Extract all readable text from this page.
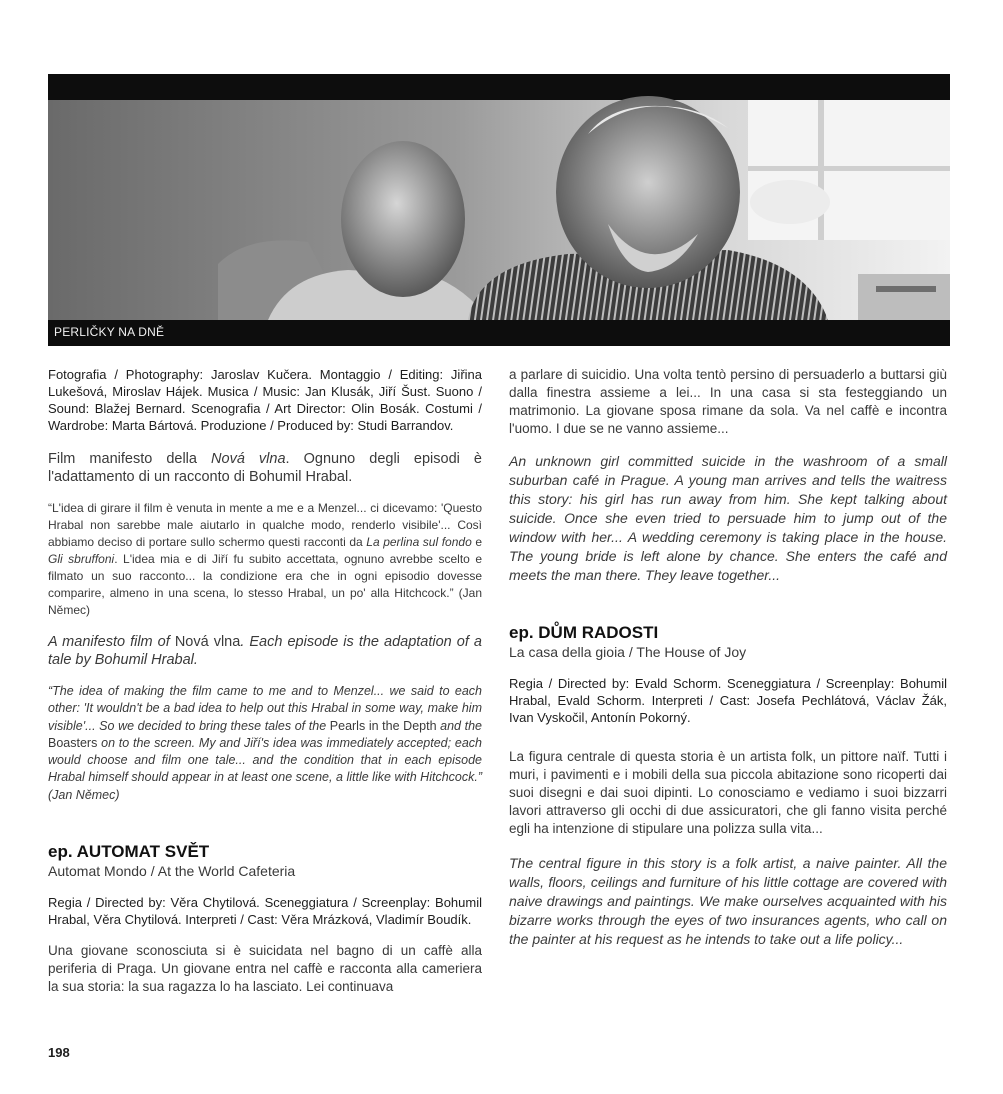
PERLIČKY NA DNĚ

Fotografia / Photography: Jaroslav Kučera. Montaggio / Editing: Jiřina Lukešová, Miroslav Hájek. Musica / Music: Jan Klusák, Jiří Šust. Suono / Sound: Blažej Bernard. Scenografia / Art Director: Olin Bosák. Costumi / Wardrobe: Marta Bártová. Produzione / Produced by: Studi Barrandov.

Film manifesto della Nová vlna. Ognuno degli episodi è l'adattamento di un racconto di Bohumil Hrabal.

“L'idea di girare il film è venuta in mente a me e a Menzel... ci dicevamo: 'Questo Hrabal non sarebbe male aiutarlo in qualche modo, renderlo visibile'... Così abbiamo deciso di portare sullo schermo questi racconti da La perlina sul fondo e Gli sbruffoni. L'idea mia e di Jiří fu subito accettata, ognuno avrebbe scelto e filmato un suo racconto... la condizione era che in ogni episodio dovesse comparire, almeno in una scena, lo stesso Hrabal, un po' alla Hitchcock.” (Jan Němec)

A manifesto film of Nová vlna. Each episode is the adaptation of a tale by Bohumil Hrabal.

“The idea of making the film came to me and to Menzel... we said to each other: 'It wouldn't be a bad idea to help out this Hrabal in some way, make him visible'... So we decided to bring these tales of the Pearls in the Depth and the Boasters on to the screen. My and Jiří's idea was immediately accepted; each would choose and film one tale... and the condition that in each episode Hrabal himself should appear in at least one scene, a little like with Hitchcock.” (Jan Němec)

ep. AUTOMAT SVĚT

Automat Mondo / At the World Cafeteria

Regia / Directed by: Věra Chytilová. Sceneggiatura / Screenplay: Bohumil Hrabal, Věra Chytilová. Interpreti / Cast: Věra Mrázková, Vladimír Boudík.

Una giovane sconosciuta si è suicidata nel bagno di un caffè alla periferia di Praga. Un giovane entra nel caffè e racconta alla cameriera la sua storia: la sua ragazza lo ha lasciato. Lei continuava

a parlare di suicidio. Una volta tentò persino di persuaderlo a buttarsi giù dalla finestra assieme a lei... In una casa si sta festeggiando un matrimonio. La giovane sposa rimane da sola. Va nel caffè e incontra l'uomo. I due se ne vanno assieme...

An unknown girl committed suicide in the washroom of a small suburban café in Prague. A young man arrives and tells the waitress this story: his girl has run away from him. She kept talking about suicide. Once she even tried to persuade him to jump out of the window with her... A wedding ceremony is taking place in the house. The young bride is left alone by chance. She enters the café and meets the man there. They leave together...

ep. DŮM RADOSTI

La casa della gioia / The House of Joy

Regia / Directed by: Evald Schorm. Sceneggiatura / Screenplay: Bohumil Hrabal, Evald Schorm. Interpreti / Cast: Josefa Pechlátová, Václav Žák, Ivan Vyskočil, Antonín Pokorný.

La figura centrale di questa storia è un artista folk, un pittore naïf. Tutti i muri, i pavimenti e i mobili della sua piccola abitazione sono ricoperti dai suoi disegni e dai suoi dipinti. Lo conosciamo e vediamo i suoi bizzarri lavori attraverso gli occhi di due assicuratori, che gli fanno visita perché egli ha intenzione di stipulare una polizza sulla vita...

The central figure in this story is a folk artist, a naive painter. All the walls, floors, ceilings and furniture of his little cottage are covered with naive drawings and paintings. We make ourselves acquainted with his bizarre works through the eyes of two insurances agents, who call on the painter at his request as he intends to take out a life policy...

198
